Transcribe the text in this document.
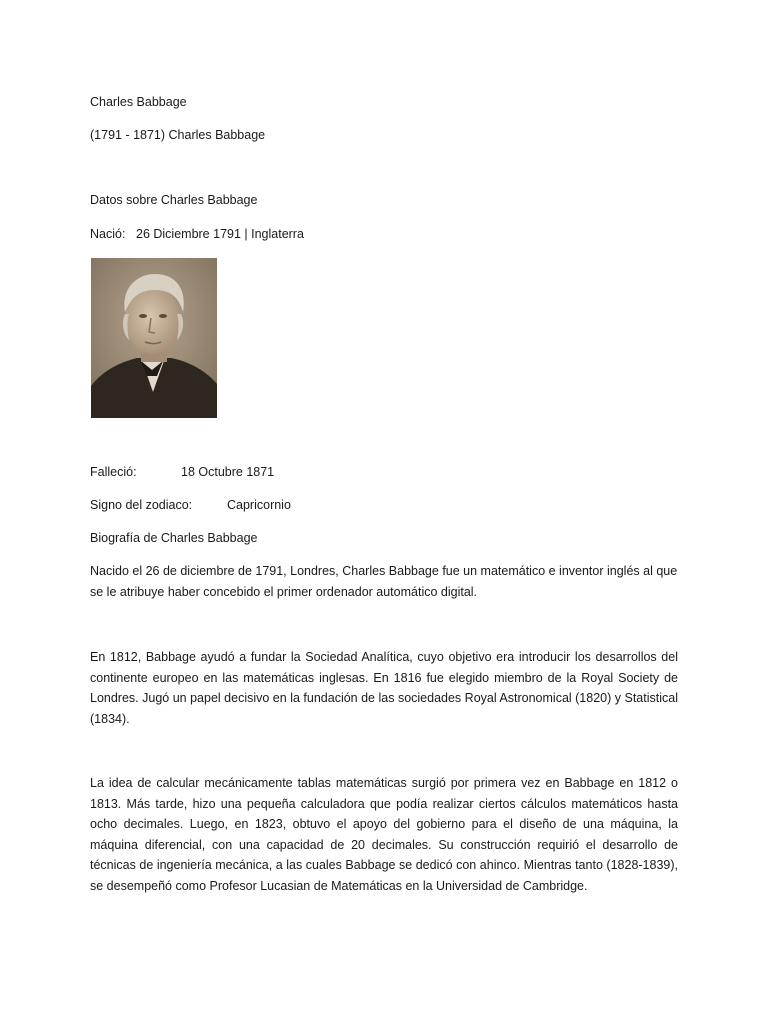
Charles Babbage
(1791 - 1871) Charles Babbage
Datos sobre Charles Babbage
Nació: 26 Diciembre 1791 | Inglaterra
Falleció:	18 Octubre 1871
Signo del zodiaco:	Capricornio
Biografía de Charles Babbage
Nacido el 26 de diciembre de 1791, Londres, Charles Babbage fue un matemático e inventor inglés al que se le atribuye haber concebido el primer ordenador automático digital.
En 1812, Babbage ayudó a fundar la Sociedad Analítica, cuyo objetivo era introducir los desarrollos del continente europeo en las matemáticas inglesas. En 1816 fue elegido miembro de la Royal Society de Londres. Jugó un papel decisivo en la fundación de las sociedades Royal Astronomical (1820) y Statistical (1834).
La idea de calcular mecánicamente tablas matemáticas surgió por primera vez en Babbage en 1812 o 1813. Más tarde, hizo una pequeña calculadora que podía realizar ciertos cálculos matemáticos hasta ocho decimales. Luego, en 1823, obtuvo el apoyo del gobierno para el diseño de una máquina, la máquina diferencial, con una capacidad de 20 decimales. Su construcción requirió el desarrollo de técnicas de ingeniería mecánica, a las cuales Babbage se dedicó con ahinco. Mientras tanto (1828-1839), se desempeñó como Profesor Lucasian de Matemáticas en la Universidad de Cambridge.
